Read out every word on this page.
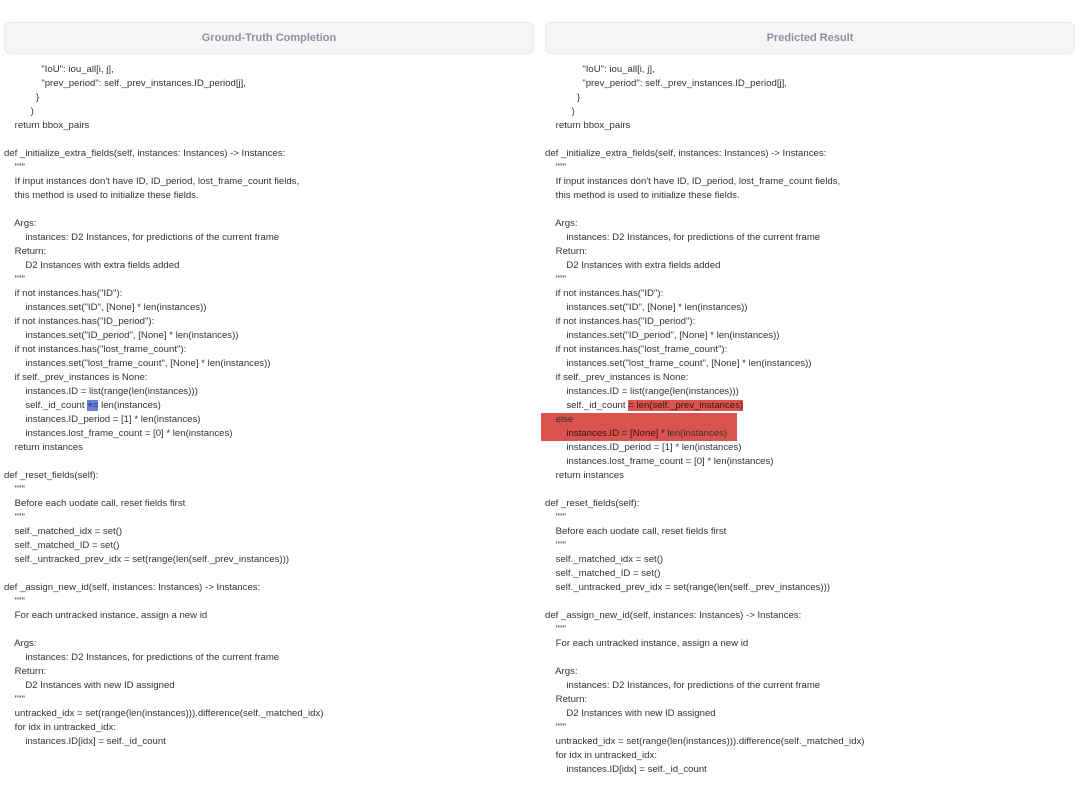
Ground-Truth Completion
"IoU": iou_all[i, j],
"prev_period": self._prev_instances.ID_period[j],
}
)
return bbox_pairs
def _initialize_extra_fields(self, instances: Instances) -> Instances:
"""
If input instances don't have ID, ID_period, lost_frame_count fields,
this method is used to initialize these fields.
Args:
instances: D2 Instances, for predictions of the current frame
Return:
D2 Instances with extra fields added
"""
if not instances.has("ID"):
instances.set("ID", [None] * len(instances))
if not instances.has("ID_period"):
instances.set("ID_period", [None] * len(instances))
if not instances.has("lost_frame_count"):
instances.set("lost_frame_count", [None] * len(instances))
if self._prev_instances is None:
instances.ID = list(range(len(instances)))
self._id_count += len(instances)
instances.ID_period = [1] * len(instances)
instances.lost_frame_count = [0] * len(instances)
return instances
def _reset_fields(self):
"""
Before each uodate call, reset fields first
"""
self._matched_idx = set()
self._matched_ID = set()
self._untracked_prev_idx = set(range(len(self._prev_instances)))
def _assign_new_id(self, instances: Instances) -> Instances:
"""
For each untracked instance, assign a new id
Args:
instances: D2 Instances, for predictions of the current frame
Return:
D2 Instances with new ID assigned
"""
untracked_idx = set(range(len(instances))).difference(self._matched_idx)
for idx in untracked_idx:
instances.ID[idx] = self._id_count
Predicted Result
"IoU": iou_all[i, j],
"prev_period": self._prev_instances.ID_period[j],
}
)
return bbox_pairs
def _initialize_extra_fields(self, instances: Instances) -> Instances:
"""
If input instances don't have ID, ID_period, lost_frame_count fields,
this method is used to initialize these fields.
Args:
instances: D2 Instances, for predictions of the current frame
Return:
D2 Instances with extra fields added
"""
if not instances.has("ID"):
instances.set("ID", [None] * len(instances))
if not instances.has("ID_period"):
instances.set("ID_period", [None] * len(instances))
if not instances.has("lost_frame_count"):
instances.set("lost_frame_count", [None] * len(instances))
if self._prev_instances is None:
instances.ID = list(range(len(instances)))
self._id_count = len(self._prev_instances)
else
instances.ID = [None] * len(instances)
instances.ID_period = [1] * len(instances)
instances.lost_frame_count = [0] * len(instances)
return instances
def _reset_fields(self):
"""
Before each uodate call, reset fields first
"""
self._matched_idx = set()
self._matched_ID = set()
self._untracked_prev_idx = set(range(len(self._prev_instances)))
def _assign_new_id(self, instances: Instances) -> Instances:
"""
For each untracked instance, assign a new id
Args:
instances: D2 Instances, for predictions of the current frame
Return:
D2 Instances with new ID assigned
"""
untracked_idx = set(range(len(instances))).difference(self._matched_idx)
for idx in untracked_idx:
instances.ID[idx] = self._id_count
